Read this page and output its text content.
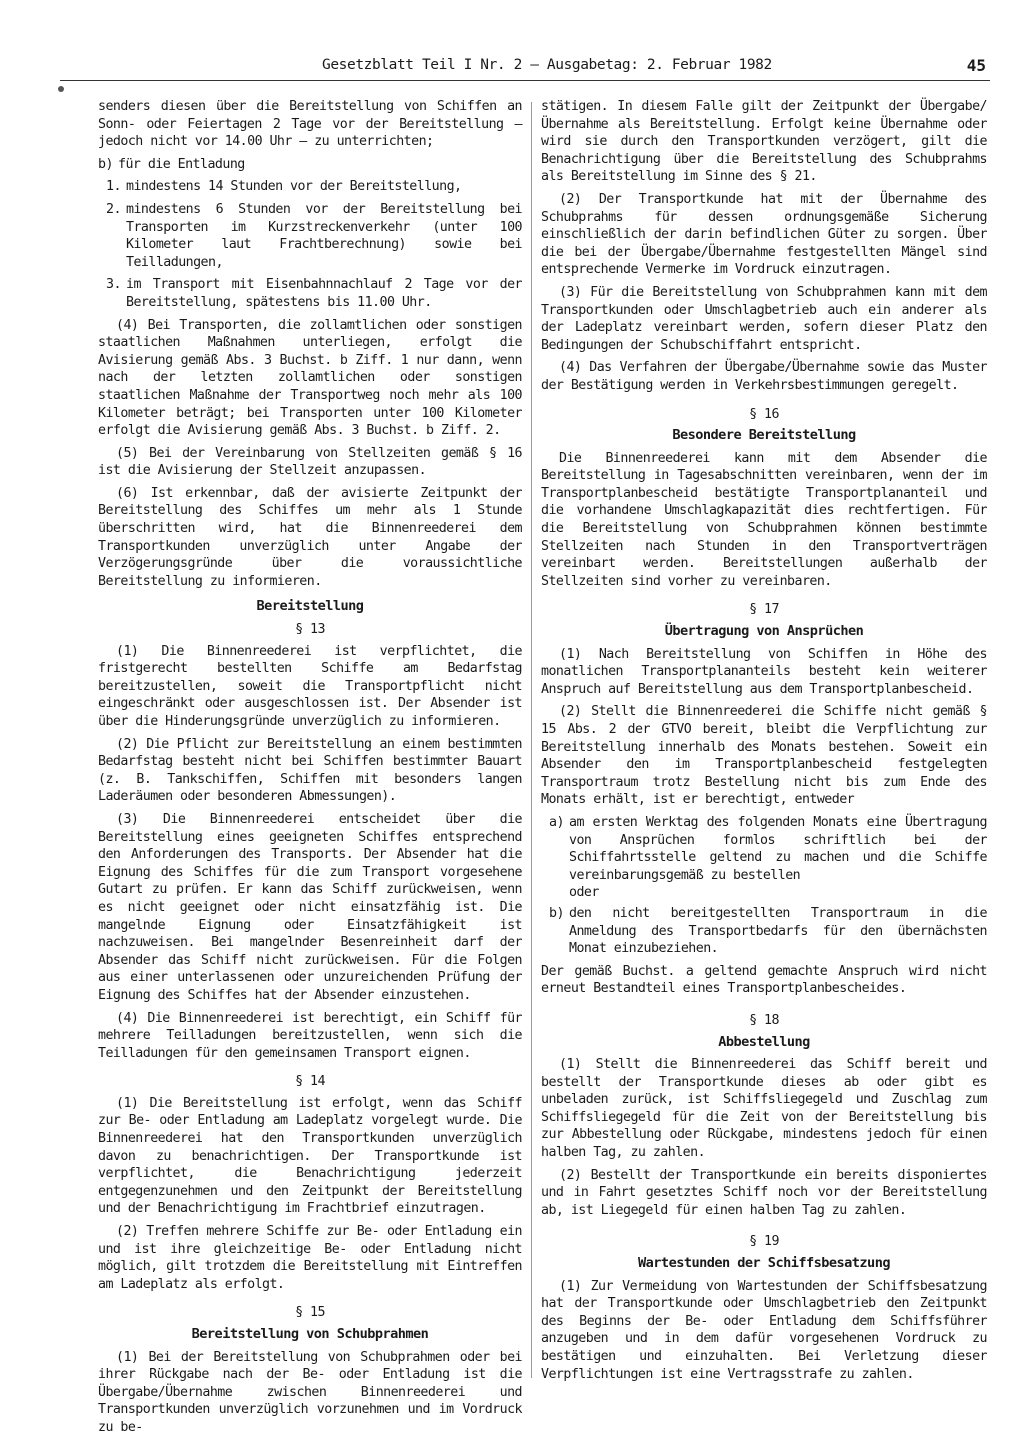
Gesetzblatt Teil I Nr. 2 — Ausgabetag: 2. Februar 1982	45

senders diesen über die Bereitstellung von Schiffen an Sonn- oder Feiertagen 2 Tage vor der Bereitstellung — jedoch nicht vor 14.00 Uhr — zu unterrichten;

b) für die Entladung

1. mindestens 14 Stunden vor der Bereitstellung,

2. mindestens 6 Stunden vor der Bereitstellung bei Transporten im Kurzstreckenverkehr (unter 100 Kilometer laut Frachtberechnung) sowie bei Teilladungen,

3. im Transport mit Eisenbahnnachlauf 2 Tage vor der Bereitstellung, spätestens bis 11.00 Uhr.

(4) Bei Transporten, die zollamtlichen oder sonstigen staatlichen Maßnahmen unterliegen, erfolgt die Avisierung gemäß Abs. 3 Buchst. b Ziff. 1 nur dann, wenn nach der letzten zollamtlichen oder sonstigen staatlichen Maßnahme der Transportweg noch mehr als 100 Kilometer beträgt; bei Transporten unter 100 Kilometer erfolgt die Avisierung gemäß Abs. 3 Buchst. b Ziff. 2.

(5) Bei der Vereinbarung von Stellzeiten gemäß § 16 ist die Avisierung der Stellzeit anzupassen.

(6) Ist erkennbar, daß der avisierte Zeitpunkt der Bereitstellung des Schiffes um mehr als 1 Stunde überschritten wird, hat die Binnenreederei dem Transportkunden unverzüglich unter Angabe der Verzögerungsgründe über die voraussichtliche Bereitstellung zu informieren.

Bereitstellung
§ 13

(1) Die Binnenreederei ist verpflichtet, die fristgerecht bestellten Schiffe am Bedarfstag bereitzustellen, soweit die Transportpflicht nicht eingeschränkt oder ausgeschlossen ist. Der Absender ist über die Hinderungsgründe unverzüglich zu informieren.

(2) Die Pflicht zur Bereitstellung an einem bestimmten Bedarfstag besteht nicht bei Schiffen bestimmter Bauart (z. B. Tankschiffen, Schiffen mit besonders langen Laderäumen oder besonderen Abmessungen).

(3) Die Binnenreederei entscheidet über die Bereitstellung eines geeigneten Schiffes entsprechend den Anforderungen des Transports. Der Absender hat die Eignung des Schiffes für die zum Transport vorgesehene Gutart zu prüfen. Er kann das Schiff zurückweisen, wenn es nicht geeignet oder nicht einsatzfähig ist. Die mangelnde Eignung oder Einsatzfähigkeit ist nachzuweisen. Bei mangelnder Besenreinheit darf der Absender das Schiff nicht zurückweisen. Für die Folgen aus einer unterlassenen oder unzureichenden Prüfung der Eignung des Schiffes hat der Absender einzustehen.

(4) Die Binnenreederei ist berechtigt, ein Schiff für mehrere Teilladungen bereitzustellen, wenn sich die Teilladungen für den gemeinsamen Transport eignen.

§ 14

(1) Die Bereitstellung ist erfolgt, wenn das Schiff zur Be- oder Entladung am Ladeplatz vorgelegt wurde. Die Binnenreederei hat den Transportkunden unverzüglich davon zu benachrichtigen. Der Transportkunde ist verpflichtet, die Benachrichtigung jederzeit entgegenzunehmen und den Zeitpunkt der Bereitstellung und der Benachrichtigung im Frachtbrief einzutragen.

(2) Treffen mehrere Schiffe zur Be- oder Entladung ein und ist ihre gleichzeitige Be- oder Entladung nicht möglich, gilt trotzdem die Bereitstellung mit Eintreffen am Ladeplatz als erfolgt.

§ 15
Bereitstellung von Schubprahmen

(1) Bei der Bereitstellung von Schubprahmen oder bei ihrer Rückgabe nach der Be- oder Entladung ist die Übergabe/Übernahme zwischen Binnenreederei und Transportkunden unverzüglich vorzunehmen und im Vordruck zu be-

stätigen. In diesem Falle gilt der Zeitpunkt der Übergabe/Übernahme als Bereitstellung. Erfolgt keine Übernahme oder wird sie durch den Transportkunden verzögert, gilt die Benachrichtigung über die Bereitstellung des Schubprahms als Bereitstellung im Sinne des § 21.

(2) Der Transportkunde hat mit der Übernahme des Schubprahms für dessen ordnungsgemäße Sicherung einschließlich der darin befindlichen Güter zu sorgen. Über die bei der Übergabe/Übernahme festgestellten Mängel sind entsprechende Vermerke im Vordruck einzutragen.

(3) Für die Bereitstellung von Schubprahmen kann mit dem Transportkunden oder Umschlagbetrieb auch ein anderer als der Ladeplatz vereinbart werden, sofern dieser Platz den Bedingungen der Schubschiffahrt entspricht.

(4) Das Verfahren der Übergabe/Übernahme sowie das Muster der Bestätigung werden in Verkehrsbestimmungen geregelt.

§ 16
Besondere Bereitstellung

Die Binnenreederei kann mit dem Absender die Bereitstellung in Tagesabschnitten vereinbaren, wenn der im Transportplanbescheid bestätigte Transportplananteil und die vorhandene Umschlagkapazität dies rechtfertigen. Für die Bereitstellung von Schubprahmen können bestimmte Stellzeiten nach Stunden in den Transportverträgen vereinbart werden. Bereitstellungen außerhalb der Stellzeiten sind vorher zu vereinbaren.

§ 17
Übertragung von Ansprüchen

(1) Nach Bereitstellung von Schiffen in Höhe des monatlichen Transportplananteils besteht kein weiterer Anspruch auf Bereitstellung aus dem Transportplanbescheid.

(2) Stellt die Binnenreederei die Schiffe nicht gemäß § 15 Abs. 2 der GTVO bereit, bleibt die Verpflichtung zur Bereitstellung innerhalb des Monats bestehen. Soweit ein Absender den im Transportplanbescheid festgelegten Transportraum trotz Bestellung nicht bis zum Ende des Monats erhält, ist er berechtigt, entweder

a) am ersten Werktag des folgenden Monats eine Übertragung von Ansprüchen formlos schriftlich bei der Schiffahrtsstelle geltend zu machen und die Schiffe vereinbarungsgemäß zu bestellen

oder

b) den nicht bereitgestellten Transportraum in die Anmeldung des Transportbedarfs für den übernächsten Monat einzubeziehen.

Der gemäß Buchst. a geltend gemachte Anspruch wird nicht erneut Bestandteil eines Transportplanbescheides.

§ 18
Abbestellung

(1) Stellt die Binnenreederei das Schiff bereit und bestellt der Transportkunde dieses ab oder gibt es unbeladen zurück, ist Schiffsliegegeld und Zuschlag zum Schiffsliegegeld für die Zeit von der Bereitstellung bis zur Abbestellung oder Rückgabe, mindestens jedoch für einen halben Tag, zu zahlen.

(2) Bestellt der Transportkunde ein bereits disponiertes und in Fahrt gesetztes Schiff noch vor der Bereitstellung ab, ist Liegegeld für einen halben Tag zu zahlen.

§ 19
Wartestunden der Schiffsbesatzung

(1) Zur Vermeidung von Wartestunden der Schiffsbesatzung hat der Transportkunde oder Umschlagbetrieb den Zeitpunkt des Beginns der Be- oder Entladung dem Schiffsführer anzugeben und in dem dafür vorgesehenen Vordruck zu bestätigen und einzuhalten. Bei Verletzung dieser Verpflichtungen ist eine Vertragsstrafe zu zahlen.
